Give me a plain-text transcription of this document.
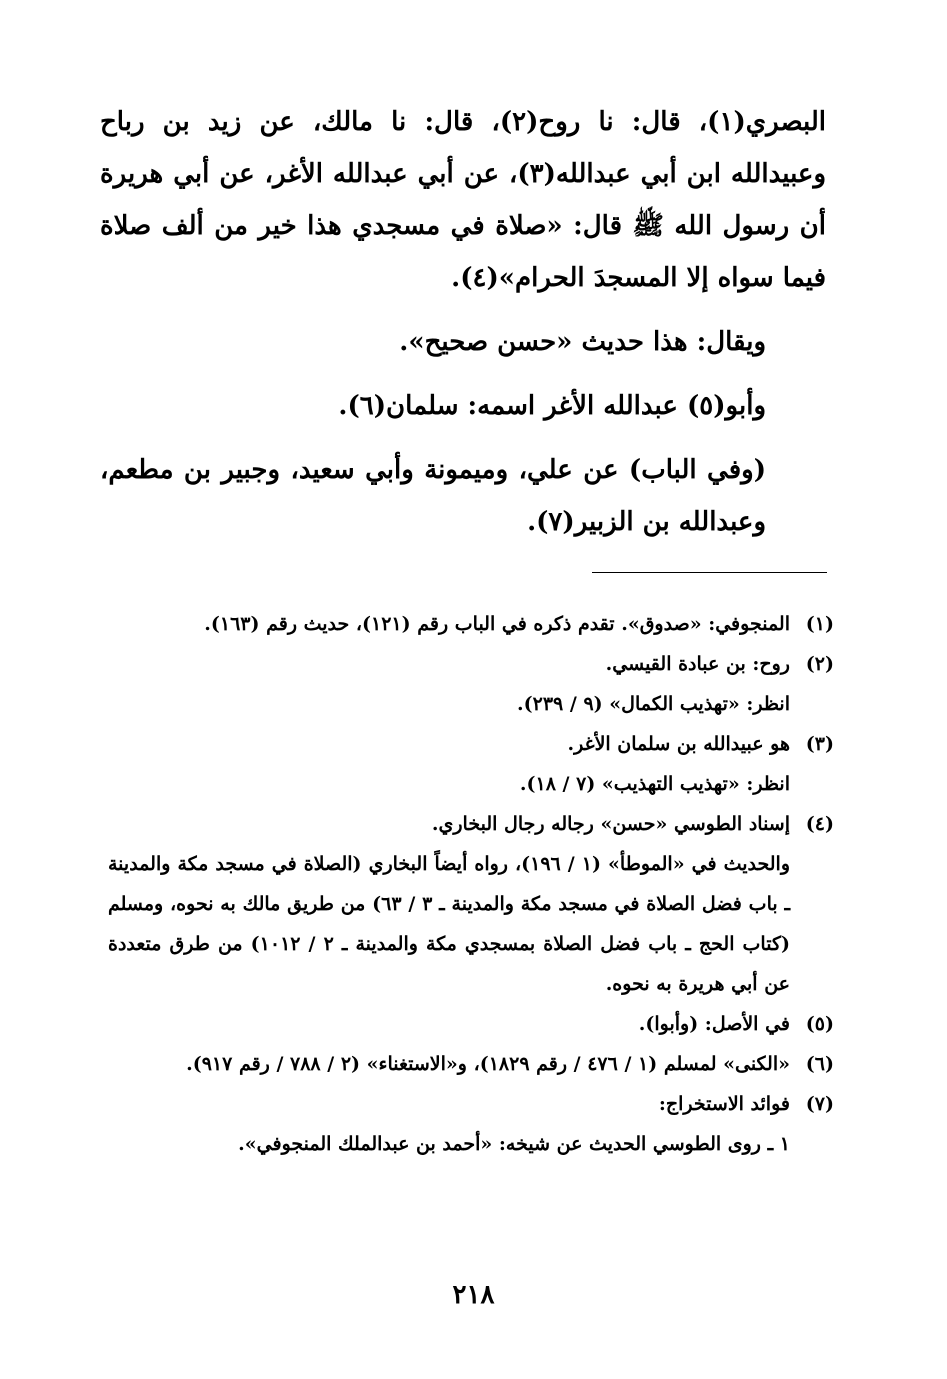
البصري(١)، قال: نا روح(٢)، قال: نا مالك، عن زيد بن رباح وعبيدالله ابن أبي عبدالله(٣)، عن أبي عبدالله الأغر، عن أبي هريرة أن رسول الله ﷺ قال: «صلاة في مسجدي هذا خير من ألف صلاة فيما سواه إلا المسجدَ الحرام»(٤).

ويقال: هذا حديث «حسن صحيح».

وأبو(٥) عبدالله الأغر اسمه: سلمان(٦).

(وفي الباب) عن علي، وميمونة وأبي سعيد، وجبير بن مطعم، وعبدالله بن الزبير(٧).

(١)
المنجوفي: «صدوق». تقدم ذكره في الباب رقم (١٢١)، حديث رقم (١٦٣).
(٢)
روح: بن عبادة القيسي.
انظر: «تهذيب الكمال» (٩ / ٢٣٩).
(٣)
هو عبيدالله بن سلمان الأغر.
انظر: «تهذيب التهذيب» (٧ / ١٨).
(٤)
إسناد الطوسي «حسن» رجاله رجال البخاري.
والحديث في «الموطأ» (١ / ١٩٦)، رواه أيضاً البخاري (الصلاة في مسجد مكة والمدينة ـ باب فضل الصلاة في مسجد مكة والمدينة ـ ٣ / ٦٣) من طريق مالك به نحوه، ومسلم (كتاب الحج ـ باب فضل الصلاة بمسجدي مكة والمدينة ـ ٢ / ١٠١٢) من طرق متعددة عن أبي هريرة به نحوه.
(٥)
في الأصل: (وأبوا).
(٦)
«الكنى» لمسلم (١ / ٤٧٦ / رقم ١٨٢٩)، و«الاستغناء» (٢ / ٧٨٨ / رقم ٩١٧).
(٧)
فوائد الاستخراج:
١ ـ روى الطوسي الحديث عن شيخه: «أحمد بن عبدالملك المنجوفي».
٢١٨
